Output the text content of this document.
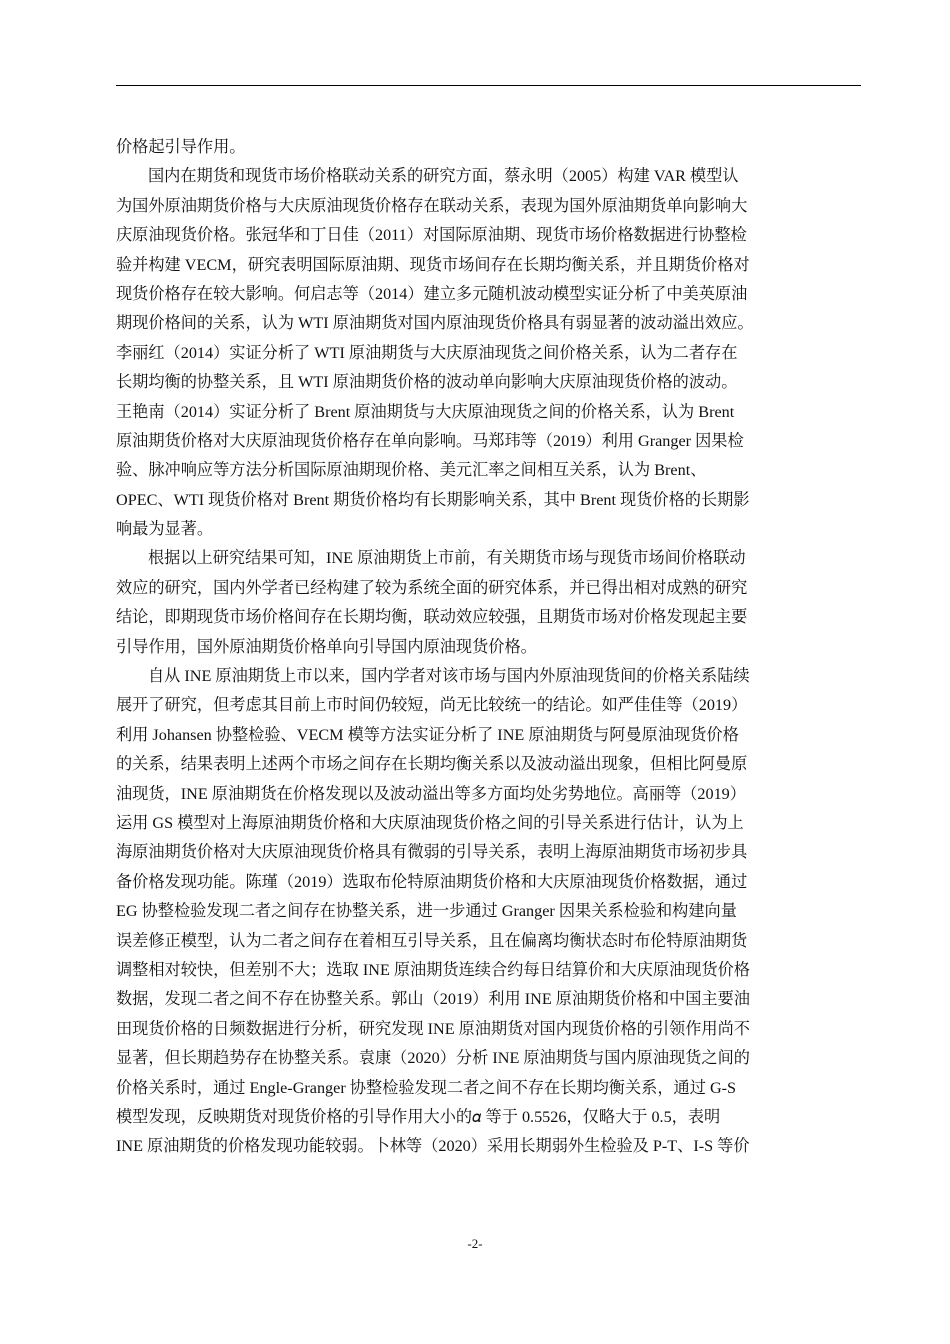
价格起引导作用。
国内在期货和现货市场价格联动关系的研究方面，蔡永明（2005）构建 VAR 模型认
为国外原油期货价格与大庆原油现货价格存在联动关系，表现为国外原油期货单向影响大
庆原油现货价格。张冠华和丁日佳（2011）对国际原油期、现货市场价格数据进行协整检
验并构建 VECM，研究表明国际原油期、现货市场间存在长期均衡关系，并且期货价格对
现货价格存在较大影响。何启志等（2014）建立多元随机波动模型实证分析了中美英原油
期现价格间的关系，认为 WTI 原油期货对国内原油现货价格具有弱显著的波动溢出效应。
李丽红（2014）实证分析了 WTI 原油期货与大庆原油现货之间价格关系，认为二者存在
长期均衡的协整关系，且 WTI 原油期货价格的波动单向影响大庆原油现货价格的波动。
王艳南（2014）实证分析了 Brent 原油期货与大庆原油现货之间的价格关系，认为 Brent
原油期货价格对大庆原油现货价格存在单向影响。马郑玮等（2019）利用 Granger 因果检
验、脉冲响应等方法分析国际原油期现价格、美元汇率之间相互关系，认为 Brent、
OPEC、WTI 现货价格对 Brent 期货价格均有长期影响关系，其中 Brent 现货价格的长期影
响最为显著。
根据以上研究结果可知，INE 原油期货上市前，有关期货市场与现货市场间价格联动
效应的研究，国内外学者已经构建了较为系统全面的研究体系，并已得出相对成熟的研究
结论，即期现货市场价格间存在长期均衡，联动效应较强，且期货市场对价格发现起主要
引导作用，国外原油期货价格单向引导国内原油现货价格。
自从 INE 原油期货上市以来，国内学者对该市场与国内外原油现货间的价格关系陆续
展开了研究，但考虑其目前上市时间仍较短，尚无比较统一的结论。如严佳佳等（2019）
利用 Johansen 协整检验、VECM 模等方法实证分析了 INE 原油期货与阿曼原油现货价格
的关系，结果表明上述两个市场之间存在长期均衡关系以及波动溢出现象，但相比阿曼原
油现货，INE 原油期货在价格发现以及波动溢出等多方面均处劣势地位。高丽等（2019）
运用 GS 模型对上海原油期货价格和大庆原油现货价格之间的引导关系进行估计，认为上
海原油期货价格对大庆原油现货价格具有微弱的引导关系，表明上海原油期货市场初步具
备价格发现功能。陈瑾（2019）选取布伦特原油期货价格和大庆原油现货价格数据，通过
EG 协整检验发现二者之间存在协整关系，进一步通过 Granger 因果关系检验和构建向量
误差修正模型，认为二者之间存在着相互引导关系，且在偏离均衡状态时布伦特原油期货
调整相对较快，但差别不大；选取 INE 原油期货连续合约每日结算价和大庆原油现货价格
数据，发现二者之间不存在协整关系。郭山（2019）利用 INE 原油期货价格和中国主要油
田现货价格的日频数据进行分析，研究发现 INE 原油期货对国内现货价格的引领作用尚不
显著，但长期趋势存在协整关系。袁康（2020）分析 INE 原油期货与国内原油现货之间的
价格关系时，通过 Engle-Granger 协整检验发现二者之间不存在长期均衡关系，通过 G-S
模型发现，反映期货对现货价格的引导作用大小的𝛼 等于 0.5526，仅略大于 0.5，表明
INE 原油期货的价格发现功能较弱。卜林等（2020）采用长期弱外生检验及 P-T、I-S 等价
-2-
